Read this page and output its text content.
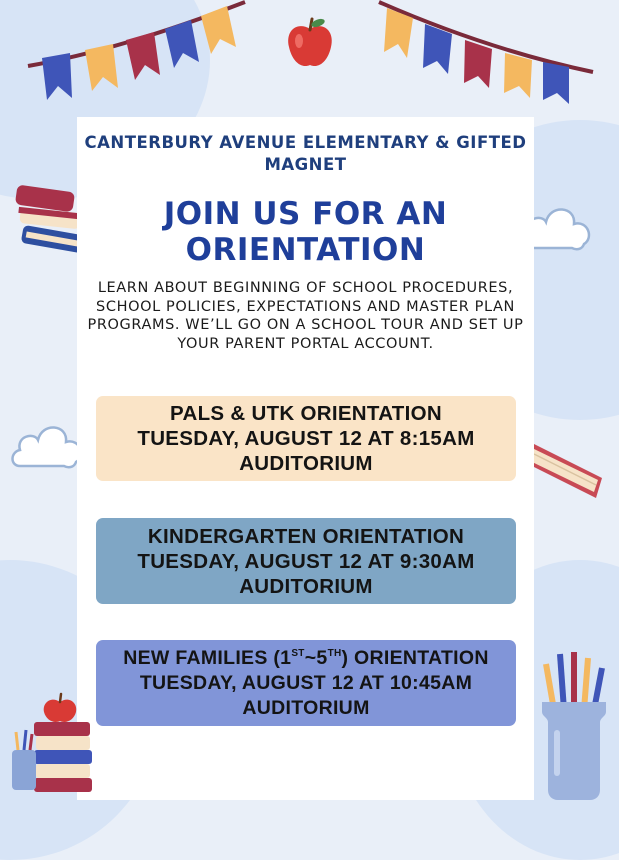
CANTERBURY AVENUE ELEMENTARY & GIFTED MAGNET
JOIN US FOR AN ORIENTATION
LEARN ABOUT BEGINNING OF SCHOOL PROCEDURES, SCHOOL POLICIES, EXPECTATIONS AND MASTER PLAN PROGRAMS. WE’LL GO ON A SCHOOL TOUR AND SET UP YOUR PARENT PORTAL ACCOUNT.
PALS & UTK ORIENTATION
TUESDAY, AUGUST 12 AT 8:15AM
AUDITORIUM
KINDERGARTEN ORIENTATION
TUESDAY, AUGUST 12 AT 9:30AM
AUDITORIUM
NEW FAMILIES (1ST~5TH) ORIENTATION
TUESDAY, AUGUST 12 AT 10:45AM
AUDITORIUM
